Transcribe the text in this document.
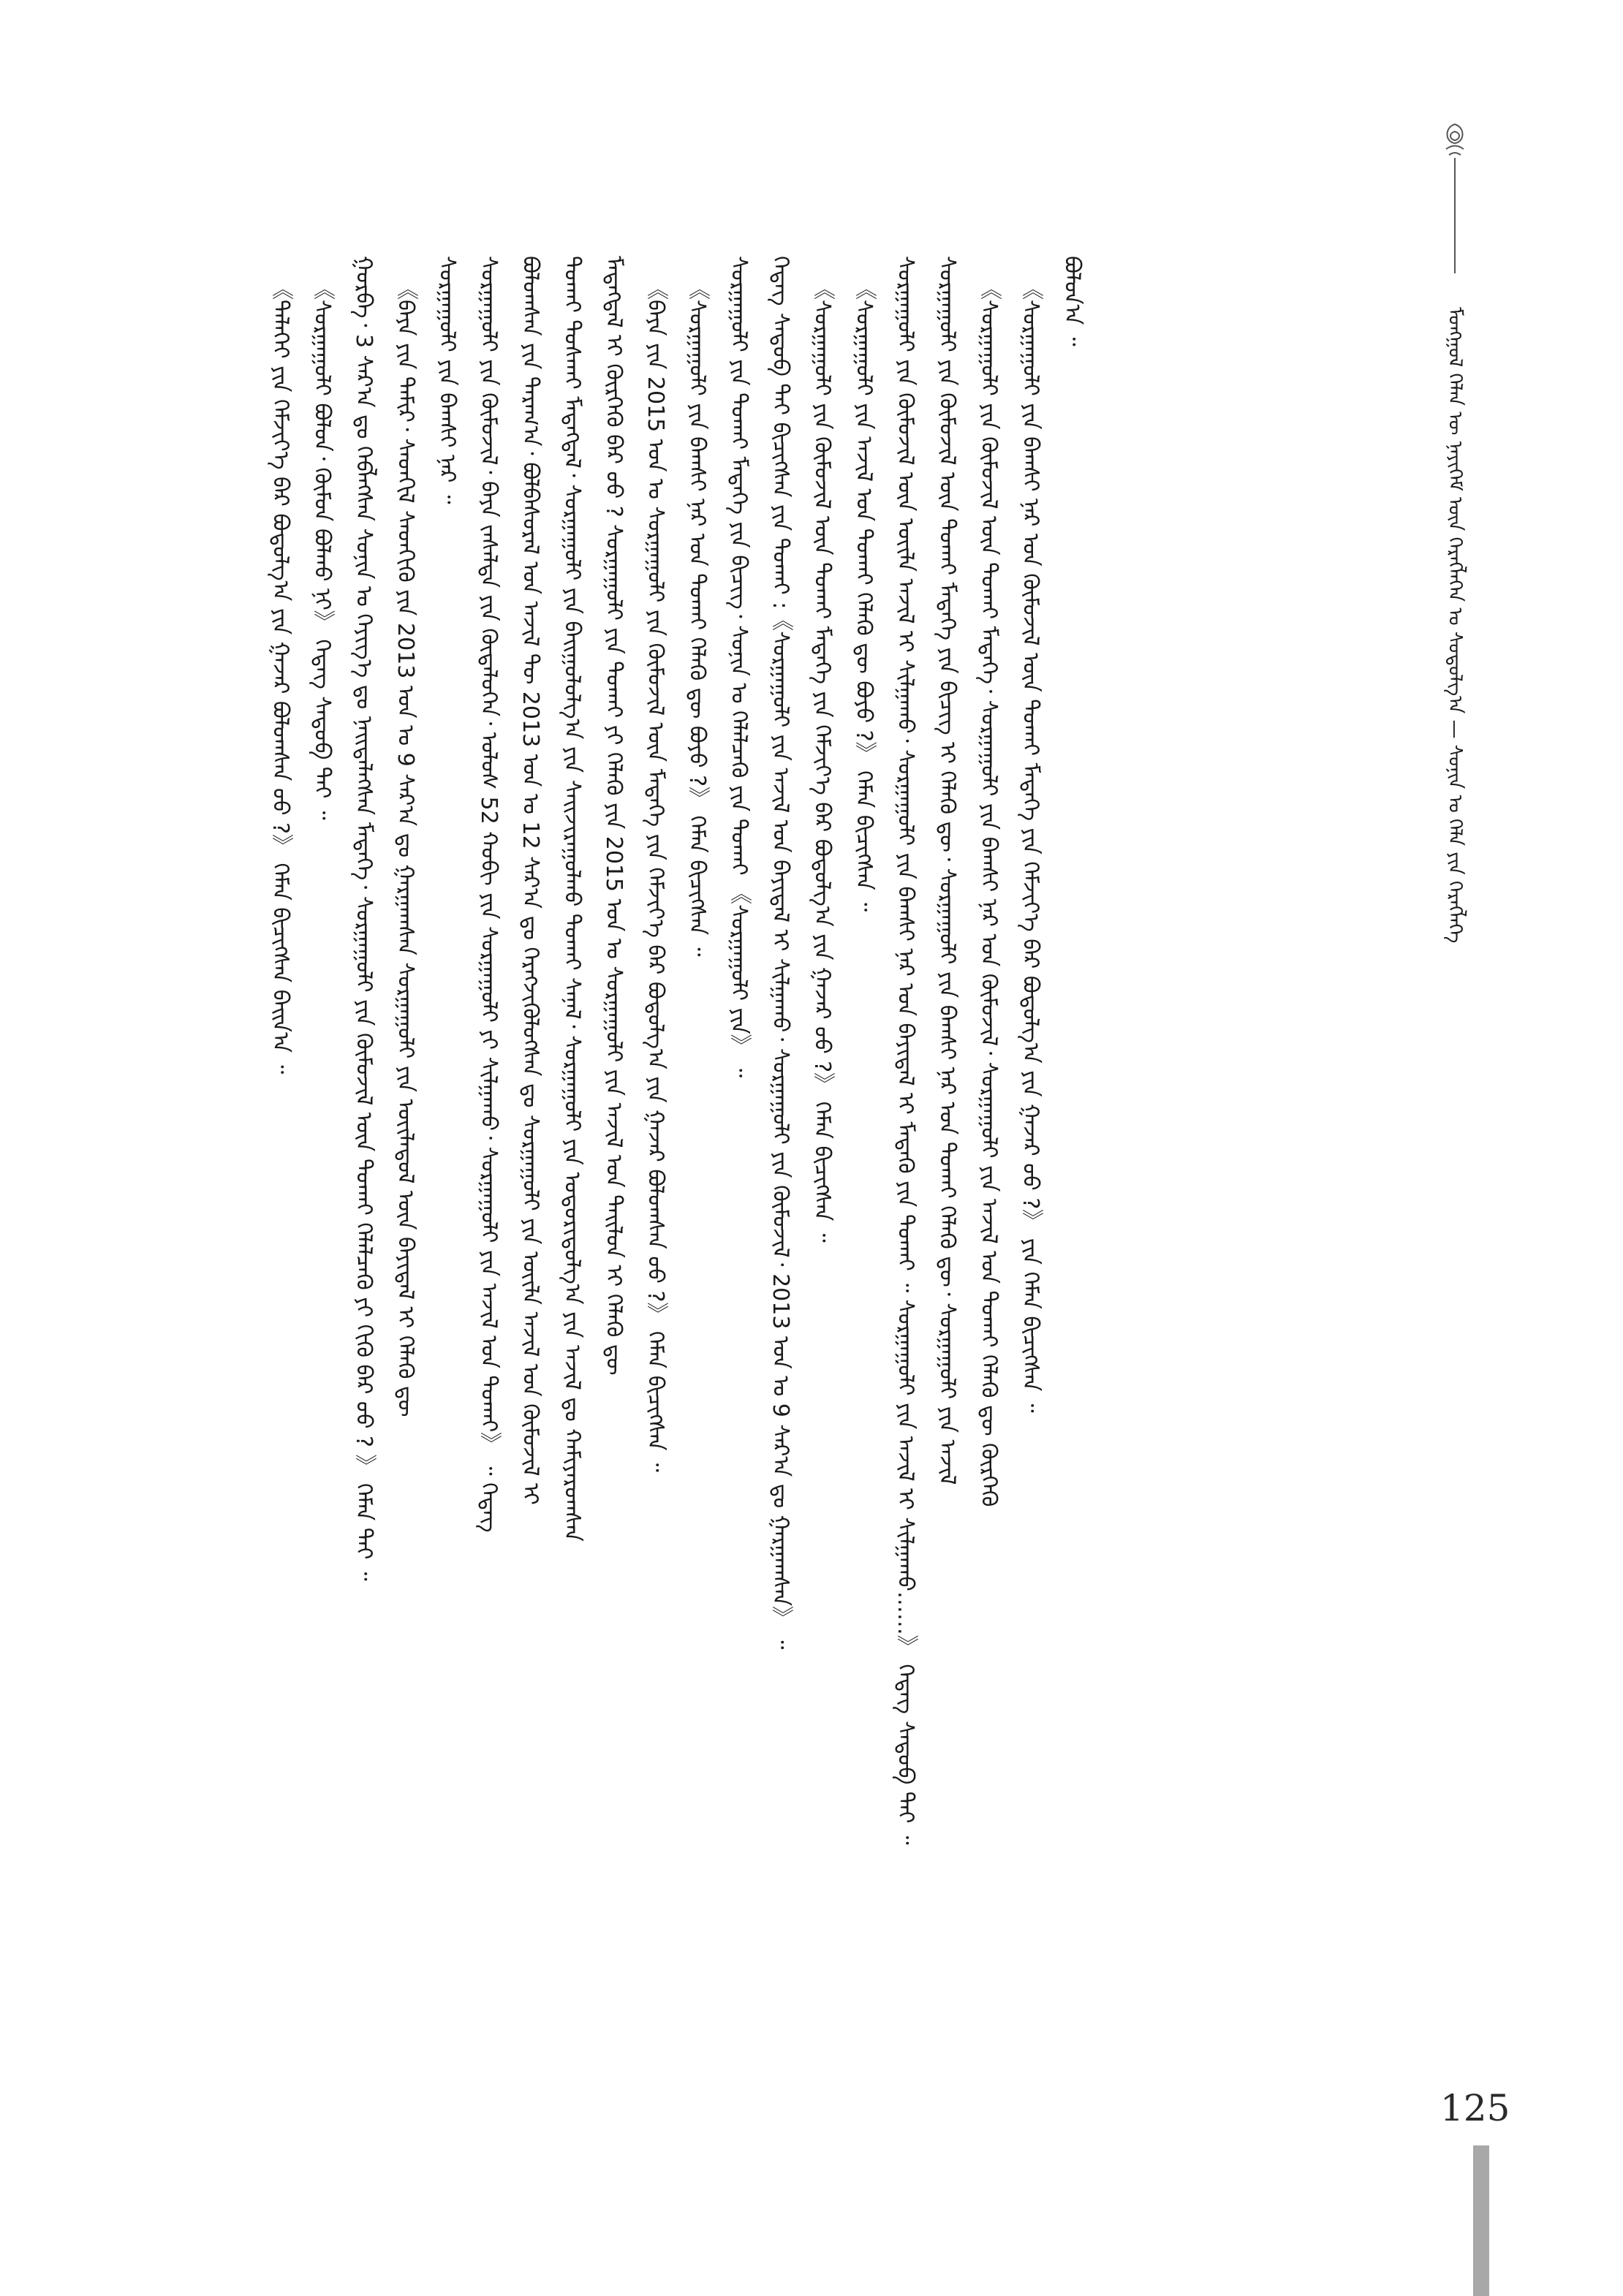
ᠮᠣᠩᠭᠣᠯ ᠬᠡᠯᠡᠨ ᠦ ᠨᠡᠶᠢᠭᠡᠮ ᠦᠨ ᠬᠡᠷᠡᠭᠯᠡᠭᠡᠨ ᠤ ᠰᠤᠳᠤᠯᠭ᠎ᠠ — ᠰᠣᠨᠢᠨ ᠤ ᠬᠡᠯᠡ ᠶᠢᠨ ᠬᠡᠷᠡᠭᠯᠡᠭᠡ
《ᠳᠡᠯᠡᠬᠡᠢ ᠶᠢᠨ ᠬᠡᠮᠵᠢᠶ᠎ᠡ ᠪᠡᠷ ᠪᠣᠳᠣᠯᠭ᠎ᠠ ᠶᠢᠨ ᠭᠠᠵᠠᠷ ᠪᠤᠯᠤᠭᠰᠠᠨ ᠤᠤ ?》 ᠬᠡᠮᠡᠨ ᠪᠢᠴᠢᠭᠰᠡᠨ ᠪᠠᠢᠨ᠎ᠠ ᠃ 《ᠰᠤᠷᠭᠠᠭᠤᠯᠢ ᠪᠣᠯᠤᠨ᠂ ᠬᠦᠮᠦᠨ ᠪᠣᠯᠬᠤ ᠨᠢ》 ᠭᠡᠳᠡᠭ ᠰᠡᠳᠦᠪ ᠲᠡᠢ ᠃ ᠭᠤᠷᠪᠠ᠂ 3 ᠰᠠᠷ᠎ᠠ ᠳᠤ ᠬᠡᠪᠯᠡᠭᠰᠡᠨ ᠰᠣᠨᠢᠨ ᠤ ᠬᠡᠶᠢᠭ᠎ᠡ ᠳᠤ ᠨᠡᠢᠲᠡᠯᠡᠭᠰᠡᠨ ᠮᠡᠳᠡᠭᠡ᠂ ᠰᠤᠷᠭᠠᠭᠤᠯᠢ ᠶᠢᠨ ᠬᠦᠮᠦᠵᠢᠯ ᠦᠨ ᠲᠤᠬᠠᠢ ᠬᠡᠯᠡᠯᠴᠡᠬᠦ ᠶᠢ ᠬᠢᠬᠦ ᠪᠡᠷ ᠤᠤ ? 》 ᠬᠡᠮᠡᠨ ᠲᠡᠢ ᠃ 《ᠪᠡᠶᠡ ᠶᠢᠨ ᠲᠠᠮᠢᠷ᠂ ᠰᠡᠳᠬᠢᠯ ᠰᠡᠳᠬᠢᠬᠦ ᠶᠢᠨ 2013 ᠣᠨ ᠤ 9 ᠰᠠᠷ᠎ᠠ ᠳᠤ ᠭᠠᠷᠭᠠᠭᠰᠠᠨ ᠰᠤᠷᠭᠠᠭᠤᠯᠢ ᠶᠢᠨ ᠦᠢᠯᠡᠳᠦᠯ ᠦᠨ ᠪᠠᠶᠢᠳᠠᠯ ᠢ ᠬᠡᠯᠡᠬᠦ ᠳᠦ ᠰᠤᠷᠭᠠᠭᠤᠯᠢ ᠶᠢᠨ ᠪᠠᠭᠰᠢ ᠨᠠᠷ ᠃ ᠰᠤᠷᠭᠠᠭᠤᠯᠢ ᠶᠢᠨ ᠬᠦᠮᠦᠵᠢᠯ᠂ ᠪᠡᠶᠡ ᠵᠠᠰᠠᠯᠲᠠ ᠶᠢᠨ ᠬᠥᠳᠡᠯᠦᠭᠡᠨ᠂ ᠤᠯᠤᠰ 52 ᠬᠤᠪᠢ ᠶᠢᠨ ᠰᠤᠷᠭᠠᠭᠤᠯᠢ ᠶᠢ ᠰᠢᠯᠭᠠᠬᠤ᠂ ᠰᠤᠷᠭᠠᠭᠤᠯᠢ ᠶᠢᠨ ᠠᠵᠢᠯ ᠤᠨ ᠲᠤᠬᠠᠢ》 ᠃ ᠭᠡᠳᠡᠭ ᠪᠣᠯᠤᠭᠰᠠᠨ ᠶᠢᠨ ᠳᠠᠷᠠᠭ᠎ᠠ᠂ ᠪᠣᠯᠪᠠᠰᠤᠷᠠᠯ ᠤᠨ ᠠᠵᠢᠯ ᠲᠦ 2013 ᠣᠨ ᠤ 12 ᠰᠠᠷ᠎ᠠ ᠳᠤ ᠬᠡᠷᠡᠭᠵᠢᠭᠦᠯᠦᠭᠰᠡᠨ ᠳᠤ ᠰᠤᠷᠭᠠᠭᠤᠯᠢ ᠶᠢᠨ ᠦᠢᠯᠡ ᠠᠵᠢᠯ ᠤᠨ ᠬᠦᠮᠦᠵᠢᠯ ᠢ ᠲᠤᠬᠠᠢ ᠲᠤᠰᠬᠠᠢ ᠮᠡᠳᠡᠭᠳᠡᠯ᠂ ᠰᠤᠷᠭᠠᠭᠤᠯᠢ ᠶᠢᠨ ᠪᠠᠢᠭᠤᠯᠤᠯᠭ᠎ᠠ ᠶᠢᠨ ᠰᠠᠢᠵᠢᠷᠠᠭᠤᠯᠬᠤ ᠲᠤᠬᠠᠢ ᠰᠠᠨᠠᠯ᠂ ᠰᠤᠷᠭᠠᠭᠤᠯᠢ ᠶᠢᠨ ᠤᠳᠤᠷᠢᠳᠤᠯᠭ᠎ᠠ ᠶᠢᠨ ᠠᠵᠢᠯ ᠳᠤ ᠬᠠᠮᠢᠶᠠᠷᠤᠭᠰᠠᠨ ᠮᠡᠳᠡᠭᠳᠡᠯ ᠢ ᠬᠦᠷᠭᠡᠬᠦ ᠪᠡᠷ ᠤᠤ ? ᠰᠤᠷᠭᠠᠭᠤᠯᠢ ᠶᠢᠨ ᠲᠤᠬᠠᠢ ᠶᠢ ᠬᠡᠯᠡᠬᠦ ᠶᠢᠨ 2015 ᠣᠨ ᠤ ᠰᠤᠷᠭᠠᠭᠤᠯᠢ ᠶᠢᠨ ᠠᠵᠢᠯ ᠤᠨ ᠲᠠᠢᠯᠤᠨ ᠢ ᠬᠡᠯᠡᠬᠦ ᠳᠦ 《ᠪᠡᠶᠡ ᠶᠢᠨ 2015 ᠣᠨ ᠤ ᠰᠤᠷᠭᠠᠭᠤᠯᠢ ᠶᠢᠨ ᠬᠦᠮᠦᠵᠢᠯ ᠦᠨ ᠮᠡᠳᠡᠭᠡ ᠶᠢᠨ ᠬᠡᠮᠵᠢᠶ᠎ᠡ ᠪᠡᠷ ᠪᠣᠳᠣᠯᠭ᠎ᠠ ᠶᠢᠨ ᠭᠠᠵᠠᠷ ᠪᠤᠯᠤᠭᠰᠠᠨ ᠤᠤ ?》 ᠬᠡᠮᠡᠨ ᠪᠢᠴᠢᠭᠰᠡᠨ ᠃ 《ᠰᠤᠷᠭᠠᠭᠤᠯᠢ ᠶᠢᠨ ᠪᠠᠭᠰᠢ ᠨᠠᠷ ᠤᠨ ᠲᠤᠬᠠᠢ ᠬᠡᠯᠡᠬᠦ ᠳᠦ ᠪᠤᠶᠤ ?》 ᠬᠡᠮᠡᠨ ᠪᠢᠴᠢᠭᠰᠡᠨ ᠃ ᠰᠤᠷᠭᠠᠭᠤᠯᠢ ᠶᠢᠨ ᠲᠤᠬᠠᠢ ᠮᠡᠳᠡᠭᠡ ᠶᠢᠨ ᠪᠢᠴᠢᠭ᠂ ᠰᠣᠨᠢᠨ ᠤ ᠬᠡᠯᠡᠯᠴᠡᠬᠦ ᠶᠢᠨ ᠲᠤᠬᠠᠢ 《ᠰᠤᠷᠭᠠᠭᠤᠯᠢ ᠶᠢᠨ》 ᠃ ᠭᠡᠳᠡᠭ ᠰᠡᠳᠦᠪ ᠲᠡᠢ ᠪᠢᠴᠢᠭᠰᠡᠨ ᠶᠢᠨ ᠲᠤᠬᠠᠢ :《ᠰᠤᠷᠭᠠᠭᠤᠯᠢ ᠶᠢᠨ ᠠᠵᠢᠯ ᠤᠨ ᠪᠠᠶᠢᠳᠠᠯ ᠢ ᠰᠢᠯᠭᠠᠬᠤ᠂ ᠰᠤᠷᠭᠠᠭᠤᠯᠢ ᠶᠢᠨ ᠬᠦᠮᠦᠵᠢᠯ᠂ 2013 ᠣᠨ ᠤ 9 ᠰᠠᠷ᠎ᠠ ᠳᠤ ᠭᠠᠷᠭᠠᠭᠰᠠᠨ》 ᠃ 《ᠰᠤᠷᠭᠠᠭᠤᠯᠢ ᠶᠢᠨ ᠬᠦᠮᠦᠵᠢᠯ ᠦᠨ ᠲᠤᠬᠠᠢ ᠮᠡᠳᠡᠭᠡ ᠶᠢᠨ ᠬᠡᠮᠵᠢᠶ᠎ᠡ ᠪᠡᠷ ᠪᠣᠳᠣᠯᠭ᠎ᠠ ᠶᠢᠨ ᠭᠠᠵᠠᠷ ᠤᠤ ?》 ᠬᠡᠮᠡᠨ ᠪᠢᠴᠢᠭᠰᠡᠨ ᠃ 《ᠰᠤᠷᠭᠠᠭᠤᠯᠢ ᠶᠢᠨ ᠠᠵᠢᠯ ᠤᠨ ᠲᠤᠬᠠᠢ ᠬᠡᠯᠡᠬᠦ ᠳᠦ ᠪᠤᠶᠤ ?》 ᠬᠡᠮᠡᠨ ᠪᠢᠴᠢᠭᠰᠡᠨ ᠃ ᠰᠤᠷᠭᠠᠭᠤᠯᠢ ᠶᠢᠨ ᠬᠦᠮᠦᠵᠢᠯ ᠦᠨ ᠦᠢᠯᠡ ᠠᠵᠢᠯ ᠢ ᠰᠢᠯᠭᠠᠬᠤ᠂ ᠰᠤᠷᠭᠠᠭᠤᠯᠢ ᠶᠢᠨ ᠪᠠᠭᠰᠢ ᠨᠠᠷ ᠤᠨ ᠪᠠᠶᠢᠳᠠᠯ ᠢ ᠮᠡᠳᠡᠬᠦ ᠶᠢᠨ ᠲᠤᠬᠠᠢ ᠃ ᠰᠤᠷᠭᠠᠭᠤᠯᠢ ᠶᠢᠨ ᠠᠵᠢᠯ ᠢ ᠰᠢᠯᠭᠠᠬᠤ……》 ᠭᠡᠳᠡᠭ ᠰᠡᠳᠦᠪ ᠲᠡᠢ ᠃ ᠰᠤᠷᠭᠠᠭᠤᠯᠢ ᠶᠢᠨ ᠬᠦᠮᠦᠵᠢᠯ ᠦᠨ ᠲᠤᠬᠠᠢ ᠮᠡᠳᠡᠭᠡ ᠶᠢᠨ ᠪᠢᠴᠢᠭ ᠢ ᠬᠡᠯᠡᠬᠦ ᠳᠦ᠂ ᠰᠤᠷᠭᠠᠭᠤᠯᠢ ᠶᠢᠨ ᠪᠠᠭᠰᠢ ᠨᠠᠷ ᠤᠨ ᠲᠤᠬᠠᠢ ᠬᠡᠯᠡᠬᠦ ᠳᠦ᠂ ᠰᠤᠷᠭᠠᠭᠤᠯᠢ ᠶᠢᠨ ᠠᠵᠢᠯ 《ᠰᠤᠷᠭᠠᠭᠤᠯᠢ ᠶᠢᠨ ᠬᠦᠮᠦᠵᠢᠯ ᠦᠨ ᠲᠤᠬᠠᠢ ᠮᠡᠳᠡᠭᠡ᠂ ᠰᠤᠷᠭᠠᠭᠤᠯᠢ ᠶᠢᠨ ᠪᠠᠭᠰᠢ ᠨᠠᠷ ᠤᠨ ᠬᠦᠮᠦᠵᠢᠯ᠂ ᠰᠤᠷᠭᠠᠭᠤᠯᠢ ᠶᠢᠨ ᠠᠵᠢᠯ ᠤᠨ ᠲᠤᠬᠠᠢ ᠬᠡᠯᠡᠬᠦ ᠳᠦ ᠬᠦᠷᠭᠡᠬᠦ 《ᠰᠤᠷᠭᠠᠭᠤᠯᠢ ᠶᠢᠨ ᠪᠠᠭᠰᠢ ᠨᠠᠷ ᠤᠨ ᠬᠦᠮᠦᠵᠢᠯ ᠦᠨ ᠲᠤᠬᠠᠢ ᠮᠡᠳᠡᠭᠡ ᠶᠢᠨ ᠬᠡᠮᠵᠢᠶ᠎ᠡ ᠪᠡᠷ ᠪᠣᠳᠣᠯᠭ᠎ᠠ ᠶᠢᠨ ᠭᠠᠵᠠᠷ ᠤᠤ ?》 ᠶᠢᠨ ᠬᠡᠮᠡᠨ ᠪᠢᠴᠢᠭᠰᠡᠨ ᠃ ᠪᠣᠯᠤᠨ᠎ᠠ ᠃
125
